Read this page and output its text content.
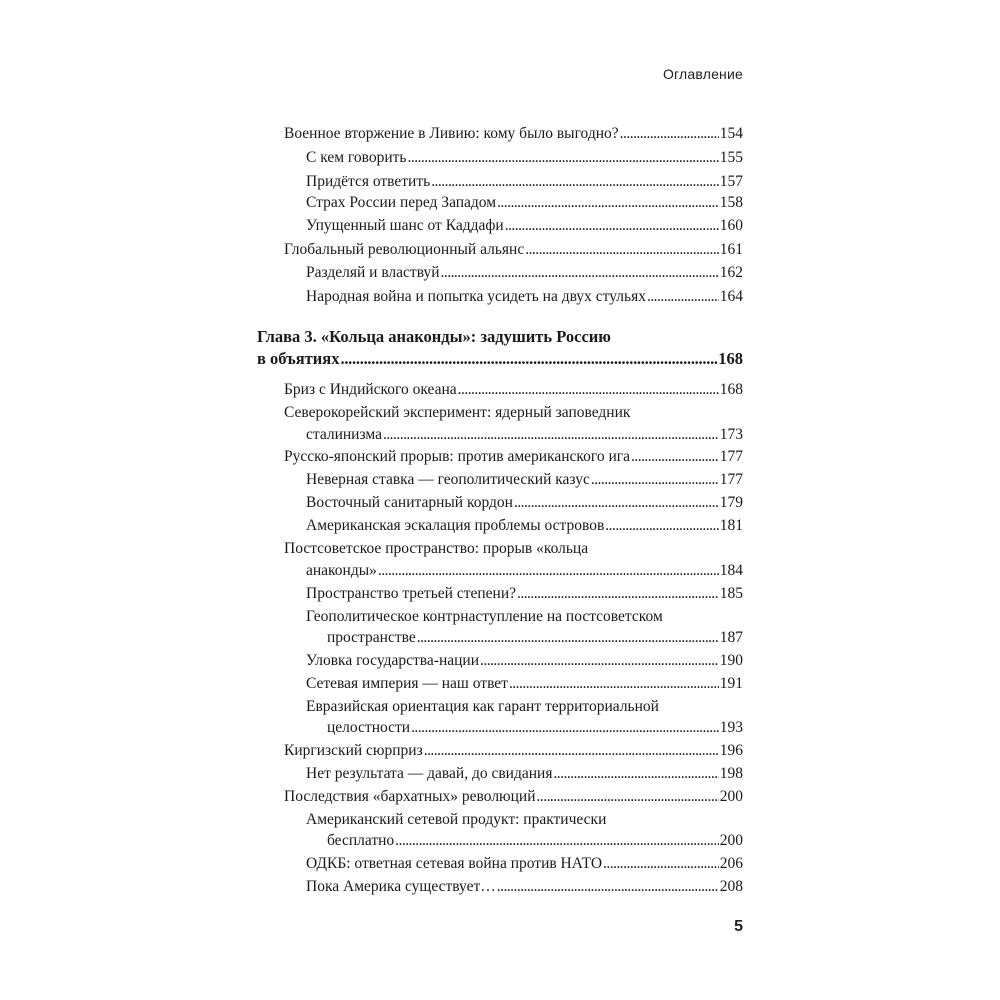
Оглавление
Военное вторжение в Ливию: кому было выгодно? . . .	154
С кем говорить . . .	155
Придётся ответить . . .	157
Страх России перед Западом . . .	158
Упущенный шанс от Каддафи . . .	160
Глобальный революционный альянс . . .	161
Разделяй и властвуй . . .	162
Народная война и попытка усидеть на двух стульях . . .	164
Глава 3. «Кольца анаконды»: задушить Россию
в объятиях . . .	168
Бриз с Индийского океана . . .	168
Северокорейский эксперимент: ядерный заповедник
сталинизма . . .	173
Русско-японский прорыв: против американского ига . . .	177
Неверная ставка — геополитический казус . . .	177
Восточный санитарный кордон . . .	179
Американская эскалация проблемы островов . . .	181
Постсоветское пространство: прорыв «кольца
анаконды» . . .	184
Пространство третьей степени? . . .	185
Геополитическое контрнаступление на постсоветском
пространстве . . .	187
Уловка государства-нации . . .	190
Сетевая империя — наш ответ . . .	191
Евразийская ориентация как гарант территориальной
целостности . . .	193
Киргизский сюрприз . . .	196
Нет результата — давай, до свидания . . .	198
Последствия «бархатных» революций . . .	200
Американский сетевой продукт: практически
бесплатно . . .	200
ОДКБ: ответная сетевая война против НАТО . . .	206
Пока Америка существует… . . .	208
5
